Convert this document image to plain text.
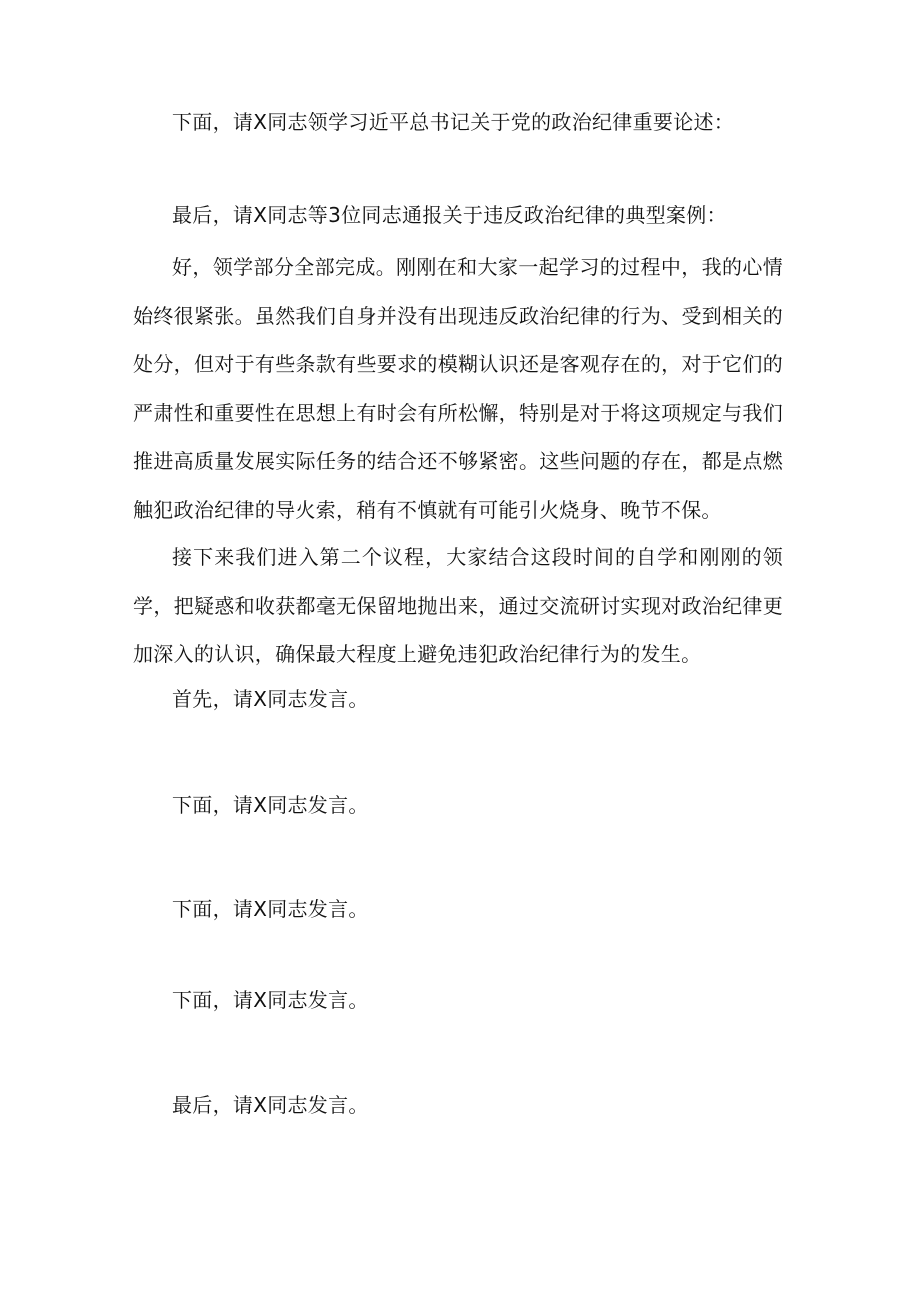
下面，请X同志领学习近平总书记关于党的政治纪律重要论述：
最后，请X同志等3位同志通报关于违反政治纪律的典型案例：
好，领学部分全部完成。刚刚在和大家一起学习的过程中，我的心情始终很紧张。虽然我们自身并没有出现违反政治纪律的行为、受到相关的处分，但对于有些条款有些要求的模糊认识还是客观存在的，对于它们的严肃性和重要性在思想上有时会有所松懈，特别是对于将这项规定与我们推进高质量发展实际任务的结合还不够紧密。这些问题的存在，都是点燃触犯政治纪律的导火索，稍有不慎就有可能引火烧身、晚节不保。
接下来我们进入第二个议程，大家结合这段时间的自学和刚刚的领学，把疑惑和收获都毫无保留地抛出来，通过交流研讨实现对政治纪律更加深入的认识，确保最大程度上避免违犯政治纪律行为的发生。
首先，请X同志发言。
下面，请X同志发言。
下面，请X同志发言。
下面，请X同志发言。
最后，请X同志发言。
